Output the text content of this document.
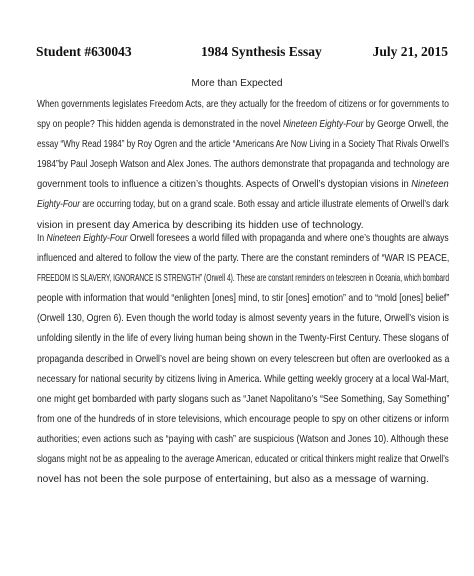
Student #630043	1984 Synthesis Essay	July 21, 2015
More than Expected
When governments legislates Freedom Acts, are they actually for the freedom of citizens or for governments to
spy on people? This hidden agenda is demonstrated in the novel Nineteen Eighty-Four by George Orwell, the
essay “Why Read 1984” by Roy Ogren and the article “Americans Are Now Living in a Society That Rivals Orwell’s
1984”by Paul Joseph Watson and Alex Jones. The authors demonstrate that propaganda and technology are
government tools to influence a citizen’s thoughts. Aspects of Orwell’s dystopian visions in Nineteen
Eighty-Four are occurring today, but on a grand scale. Both essay and article illustrate elements of Orwell’s dark
vision in present day America by describing its hidden use of technology.
In Nineteen Eighty-Four Orwell foresees a world filled with propaganda and where one’s thoughts are always
influenced and altered to follow the view of the party. There are the constant reminders of “WAR IS PEACE,
FREEDOM IS SLAVERY, IGNORANCE IS STRENGTH” (Orwell 4). These are constant reminders on telescreen in Oceania, which bombard
people with information that would “enlighten [ones] mind, to stir [ones] emotion” and to “mold [ones] belief”
(Orwell 130, Ogren 6). Even though the world today is almost seventy years in the future, Orwell’s vision is
unfolding silently in the life of every living human being shown in the Twenty-First Century. These slogans of
propaganda described in Orwell’s novel are being shown on every telescreen but often are overlooked as a
necessary for national security by citizens living in America. While getting weekly grocery at a local Wal-Mart,
one might get bombarded with party slogans such as “Janet Napolitano’s “See Something, Say Something”
from one of the hundreds of in store televisions, which encourage people to spy on other citizens or inform
authorities; even actions such as “paying with cash” are suspicious (Watson and Jones 10). Although these
slogans might not be as appealing to the average American, educated or critical thinkers might realize that Orwell’s
novel has not been the sole purpose of entertaining, but also as a message of warning.
